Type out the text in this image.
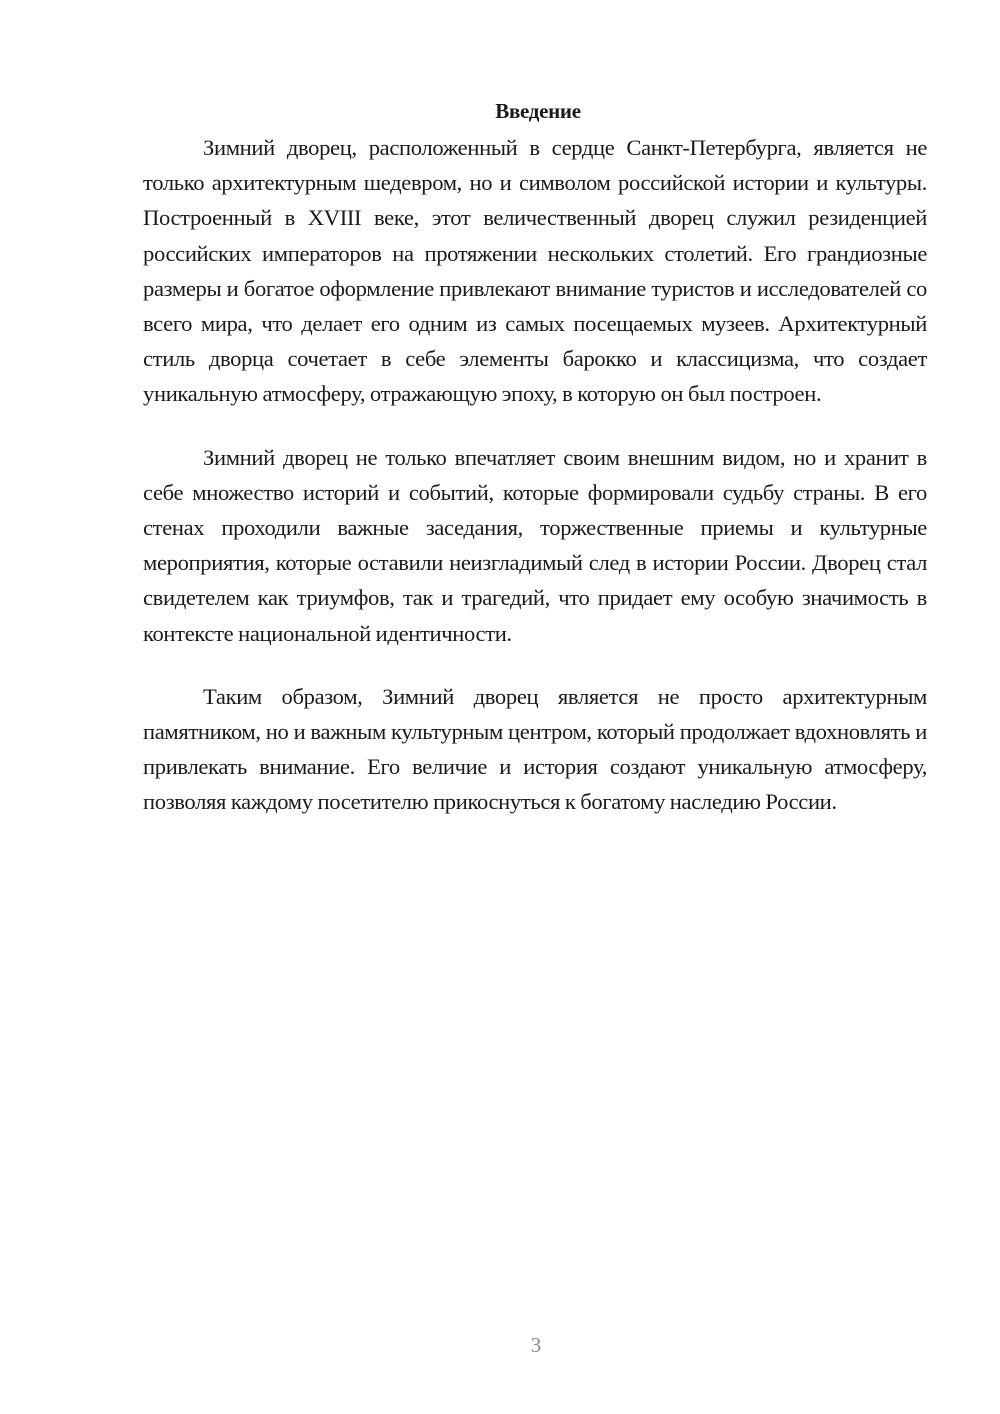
Введение

Зимний дворец, расположенный в сердце Санкт-Петербурга, является не только архитектурным шедевром, но и символом российской истории и культуры. Построенный в XVIII веке, этот величественный дворец служил резиденцией российских императоров на протяжении нескольких столетий. Его грандиозные размеры и богатое оформление привлекают внимание туристов и исследователей со всего мира, что делает его одним из самых посещаемых музеев. Архитектурный стиль дворца сочетает в себе элементы барокко и классицизма, что создает уникальную атмосферу, отражающую эпоху, в которую он был построен.

Зимний дворец не только впечатляет своим внешним видом, но и хранит в себе множество историй и событий, которые формировали судьбу страны. В его стенах проходили важные заседания, торжественные приемы и культурные мероприятия, которые оставили неизгладимый след в истории России. Дворец стал свидетелем как триумфов, так и трагедий, что придает ему особую значимость в контексте национальной идентичности.

Таким образом, Зимний дворец является не просто архитектурным памятником, но и важным культурным центром, который продолжает вдохновлять и привлекать внимание. Его величие и история создают уникальную атмосферу, позволяя каждому посетителю прикоснуться к богатому наследию России.

3
